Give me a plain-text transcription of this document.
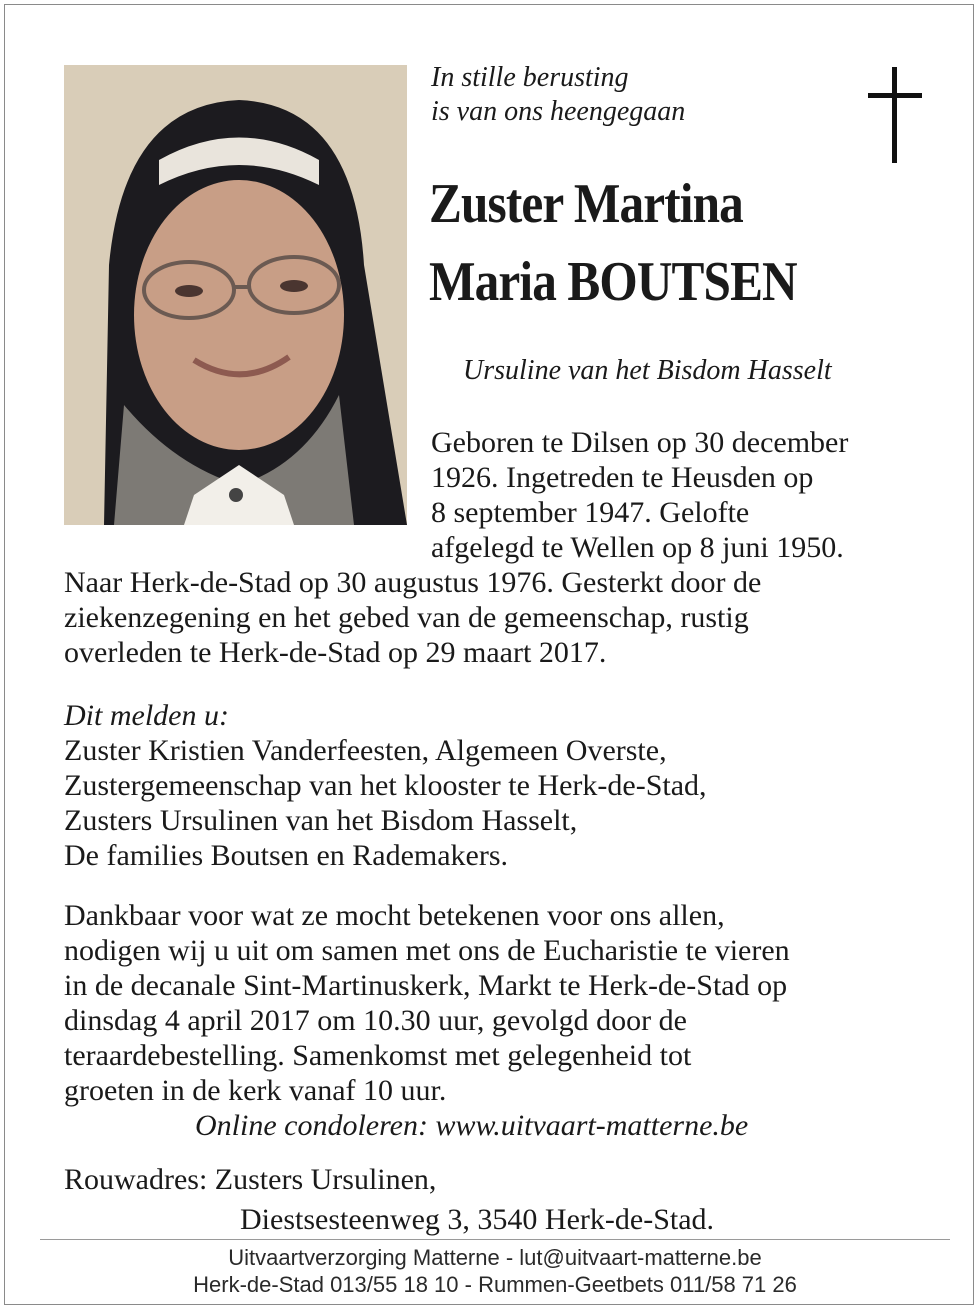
In stille berusting
is van ons heengegaan
Zuster Martina
Maria BOUTSEN
Ursuline van het Bisdom Hasselt
Geboren te Dilsen op 30 december
1926. Ingetreden te Heusden op
8 september 1947. Gelofte
afgelegd te Wellen op 8 juni 1950.
Naar Herk-de-Stad op 30 augustus 1976. Gesterkt door de
ziekenzegening en het gebed van de gemeenschap, rustig
overleden te Herk-de-Stad op 29 maart 2017.
Dit melden u:
Zuster Kristien Vanderfeesten, Algemeen Overste,
Zustergemeenschap van het klooster te Herk-de-Stad,
Zusters Ursulinen van het Bisdom Hasselt,
De families Boutsen en Rademakers.
Dankbaar voor wat ze mocht betekenen voor ons allen,
nodigen wij u uit om samen met ons de Eucharistie te vieren
in de decanale Sint-Martinuskerk, Markt te Herk-de-Stad op
dinsdag 4 april 2017 om 10.30 uur, gevolgd door de
teraardebestelling. Samenkomst met gelegenheid tot
groeten in de kerk vanaf 10 uur.
Online condoleren: www.uitvaart-matterne.be
Rouwadres: Zusters Ursulinen,
Diestsesteenweg 3, 3540 Herk-de-Stad.
Uitvaartverzorging Matterne - lut@uitvaart-matterne.be
Herk-de-Stad 013/55 18 10 - Rummen-Geetbets 011/58 71 26
